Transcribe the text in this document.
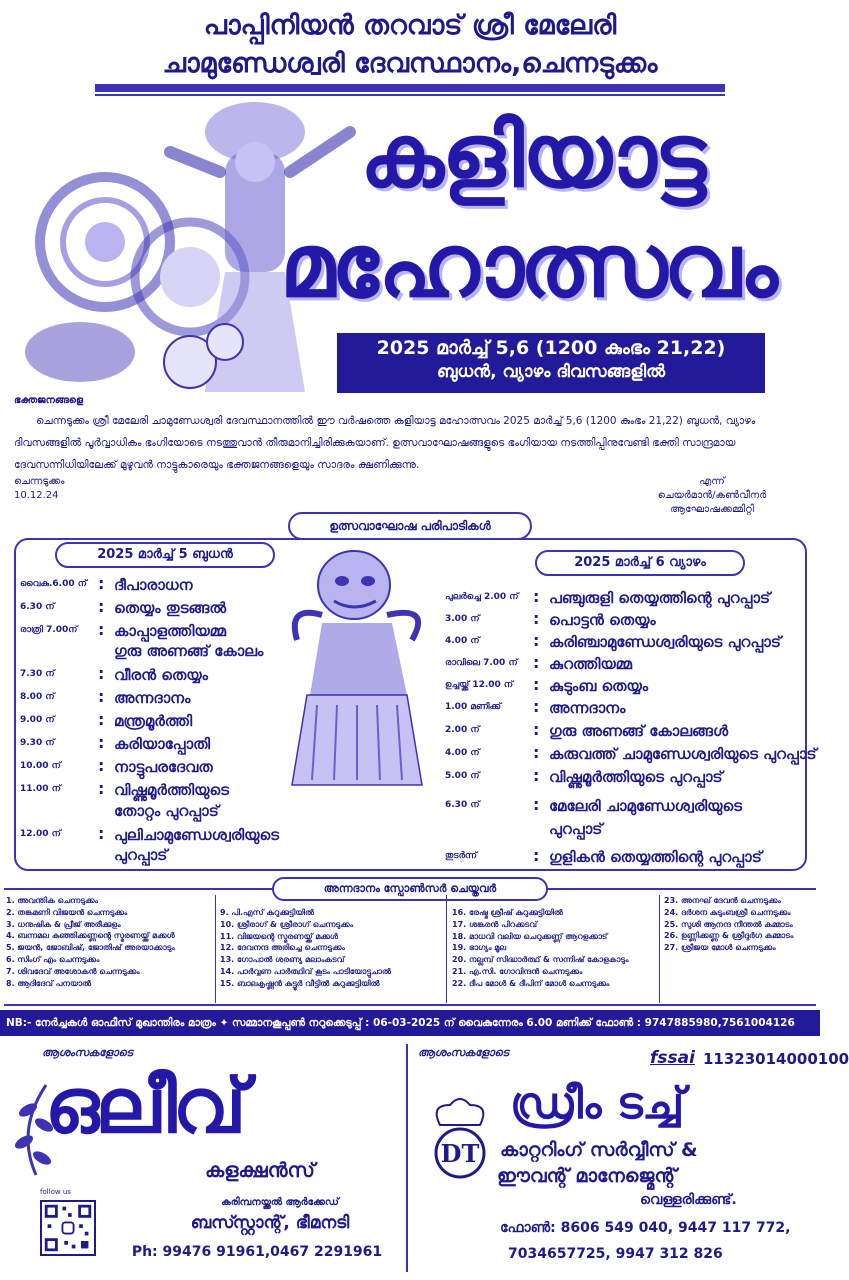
പാപ്പിനിയൻ തറവാട് ശ്രീ മേലേരി
ചാമുണ്ഡേശ്വരി ദേവസ്ഥാനം,ചെന്നടുക്കം
കളിയാട്ട
മഹോത്സവം
2025 മാർച്ച് 5,6 (1200 കുംഭം 21,22)
ബുധൻ, വ്യാഴം ദിവസങ്ങളിൽ
ഭക്തജനങ്ങളെ
ചെന്നടുക്കം ശ്രീ മേലേരി ചാമുണ്ഡേശ്വരി ദേവസ്ഥാനത്തിൽ ഈ വർഷത്തെ കളിയാട്ട മഹോത്സവം 2025 മാർച്ച് 5,6 (1200 കുംഭം 21,22) ബുധൻ, വ്യാഴം ദിവസങ്ങളിൽ പൂർവ്വാധികം ഭംഗിയോടെ നടത്തുവാൻ തീരുമാനിച്ചിരിക്കുകയാണ്. ഉത്സവാഘോഷങ്ങളുടെ ഭംഗിയായ നടത്തിപ്പിനുവേണ്ടി ഭക്തി സാന്ദ്രമായ ദേവസന്നിധിയിലേക്ക് മുഴുവൻ നാട്ടുകാരെയും ഭക്തജനങ്ങളെയും സാദരം ക്ഷണിക്കുന്നു.
ചെന്നടുക്കം
10.12.24
എന്ന്
ചെയർമാൻ/കൺവീനർ
ആഘോഷക്കമ്മിറ്റി
ഉത്സവാഘോഷ പരിപാടികൾ
2025 മാർച്ച് 5 ബുധൻ
2025 മാർച്ച് 6 വ്യാഴം
വൈകു.6.00 ന് : ദീപാരാധന
6.30 ന്	: തെയ്യം തുടങ്ങൽ
രാത്രി 7.00ന്	: കാപ്പാളത്തിയമ്മ
ഗുരു അണങ്ങ് കോലം
7.30 ന്	: വീരൻ തെയ്യം
8.00 ന്	: അന്നദാനം
9.00 ന്	: മന്ത്രമൂർത്തി
9.30 ന്	: കരിയാപ്പോതി
10.00 ന്	: നാട്ടുപരദേവത
11.00 ന്	: വിഷ്ണുമൂർത്തിയുടെ
തോറ്റം പുറപ്പാട്
12.00 ന്	: പുലിചാമുണ്ഡേശ്വരിയുടെ
പുറപ്പാട്
പുലർച്ചെ 2.00 ന് : പഞ്ചുരുളി തെയ്യത്തിന്റെ പുറപ്പാട്
3.00 ന്	: പൊട്ടൻ തെയ്യം
4.00 ന്	: കരിഞ്ചാമുണ്ഡേശ്വരിയുടെ പുറപ്പാട്
രാവിലെ 7.00 ന് : കുറത്തിയമ്മ
ഉച്ചയ്ക്ക് 12.00 ന്	: കുടുംബ തെയ്യം
1.00 മണിക്ക്	: അന്നദാനം
2.00 ന്	: ഗുരു അണങ്ങ് കോലങ്ങൾ
4.00 ന്	: കരുവത്ത് ചാമുണ്ഡേശ്വരിയുടെ പുറപ്പാട്
5.00 ന്	: വിഷ്ണുമൂർത്തിയുടെ പുറപ്പാട്
6.30 ന്	: മേലേരി ചാമുണ്ഡേശ്വരിയുടെ
പുറപ്പാട്
തുടർന്ന്	: ഗുളികൻ തെയ്യത്തിന്റെ പുറപ്പാട്
അന്നദാനം സ്പോൺസർ ചെയ്തവർ
1. അവന്തിക ചെന്നടുക്കം
2. തങ്കമണി വിജയൻ ചെന്നടുക്കം
3. ധനുഷിക & പ്രീജ് അരീക്കുളം
4. ബന്നമല കുഞ്ഞിക്കണ്ണന്റെ സ്മരണയ്ക്ക് മക്കൾ
5. ജയൻ, ജോബിഷ്, ജോതിഷ് അരയാക്കാടും
6. സിംഗ് എം ചെന്നടുക്കം
7. ശിവദേവ് അശോകൻ ചെന്നടുക്കം
8. ആദിദേവ് പനയാൽ
9. പി.എസ് കുറുക്കുട്ടിയിൽ
10. ശ്രീരാഗ് & ശ്രീരാഗ് ചെന്നടുക്കം
11. വിജയന്റെ സ്മരണയ്ക്ക് മക്കൾ
12. ദേവനന്ദ അരിച്ചെ ചെന്നടുക്കം
13. ഗോപാൽ ശരണ്യ മലാംകടവ്
14. പാർവ്വണ പാർത്ഥിവ് കൂടം പാടിയോട്ടുചാൽ
15. ബാലകൃഷ്ണൻ കുട്ടൂർ വീട്ടിൽ കുറുക്കുട്ടിയിൽ
16. രേഷ്മ ശ്രീഷ് കുറുക്കുട്ടിയിൽ
17. ശങ്കരൻ പിറക്കടവ്
18. മാധവി വലിയ ചെറുക്കണ്ണ് ആറളക്കാട്
19. ഭാഗ്യം മൂല
20. നല്ലമ്പ് സിദ്ധാർത്ഥ് & സന്നിഷ് കോളകാടും
21. എ.സി. ഗോവിന്ദൻ ചെന്നടുക്കം
22. ദീപ മോൾ & ദീപിന് മോൾ ചെന്നടുക്കം
23. അനഘ് ദേവൻ ചെന്നടുക്കം
24. ദർശന കുടുംബശ്രീ ചെന്നടുക്കം
25. സുശി ആനന്ദ നീന്തൽ കമ്മാടം
26. ഉണ്ണിക്കണ്ണ & ശ്രീദുർഗ കമ്മാടം
27. ശ്രീജയ മോൾ ചെന്നടുക്കം
NB:- നേർച്ചകൾ ഓഫീസ് മുഖാന്തിരം മാത്രം ✦ സമ്മാനകൂപ്പൺ നറുക്കെടുപ്പ് : 06-03-2025 ന് വൈകുന്നേരം 6.00 മണിക്ക് ഫോൺ : 9747885980,7561004126
ആശംസകളോടെ
ഒലീവ്
കളക്ഷൻസ്
follow us
കരിമ്പനയ്ക്കൽ ആർക്കേഡ്
ബസ്സ്റ്റാന്റ്, ഭീമനടി
Ph: 99476 91961,0467 2291961
ആശംസകളോടെ	fssai 11323014000100
DT
ഡ്രീം ടച്ച്
കാറ്ററിംഗ് സർവ്വീസ് &
ഈവന്റ് മാനേജ്മെന്റ്
വെള്ളരിക്കുണ്ട്.
ഫോൺ: 8606 549 040, 9447 117 772,
7034657725, 9947 312 826
